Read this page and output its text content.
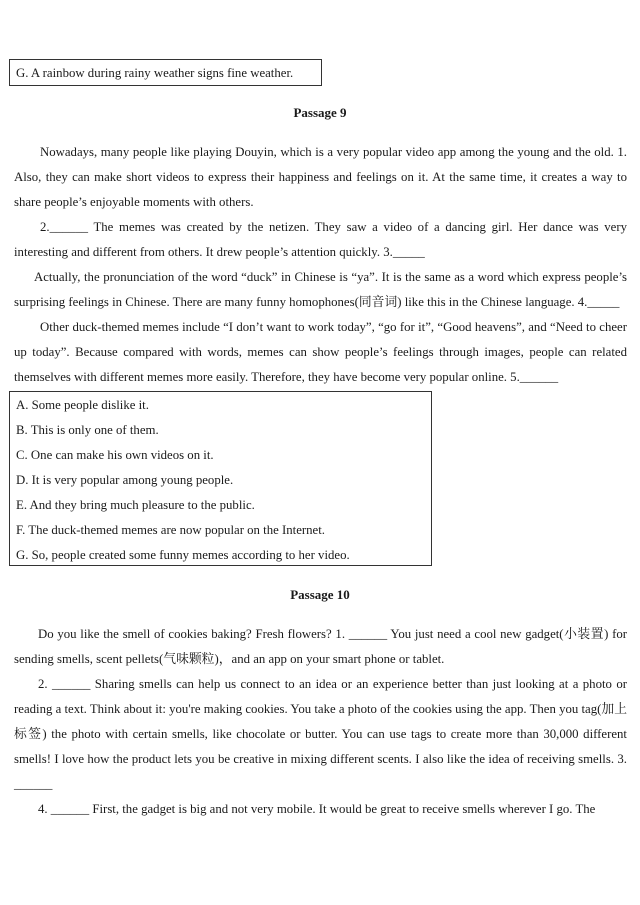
G. A rainbow during rainy weather signs fine weather.
Passage 9

Nowadays, many people like playing Douyin, which is a very popular video app among the young and the old. 1. Also, they can make short videos to express their happiness and feelings on it. At the same time, it creates a way to share people’s enjoyable moments with others.

2.______ The memes was created by the netizen. They saw a video of a dancing girl. Her dance was very interesting and different from others. It drew people’s attention quickly. 3._____

Actually, the pronunciation of the word “duck” in Chinese is “ya”. It is the same as a word which express people’s surprising feelings in Chinese. There are many funny homophones(同音词) like this in the Chinese language. 4._____

Other duck-themed memes include “I don’t want to work today”, “go for it”, “Good heavens”, and “Need to cheer up today”. Because compared with words, memes can show people’s feelings through images, people can related themselves with different memes more easily. Therefore, they have become very popular online. 5.______

A. Some people dislike it.
B. This is only one of them.
C. One can make his own videos on it.
D. It is very popular among young people.
E. And they bring much pleasure to the public.
F. The duck-themed memes are now popular on the Internet.
G. So, people created some funny memes according to her video.
Passage 10

Do you like the smell of cookies baking? Fresh flowers? 1. ______ You just need a cool new gadget(小装置) for sending smells, scent pellets(气味颗粒)，and an app on your smart phone or tablet.

2. ______ Sharing smells can help us connect to an idea or an experience better than just looking at a photo or reading a text. Think about it: you're making cookies. You take a photo of the cookies using the app. Then you tag(加上标签) the photo with certain smells, like chocolate or butter. You can use tags to create more than 30,000 different smells! I love how the product lets you be creative in mixing different scents. I also like the idea of receiving smells. 3. ______

4. ______ First, the gadget is big and not very mobile. It would be great to receive smells wherever I go. The
